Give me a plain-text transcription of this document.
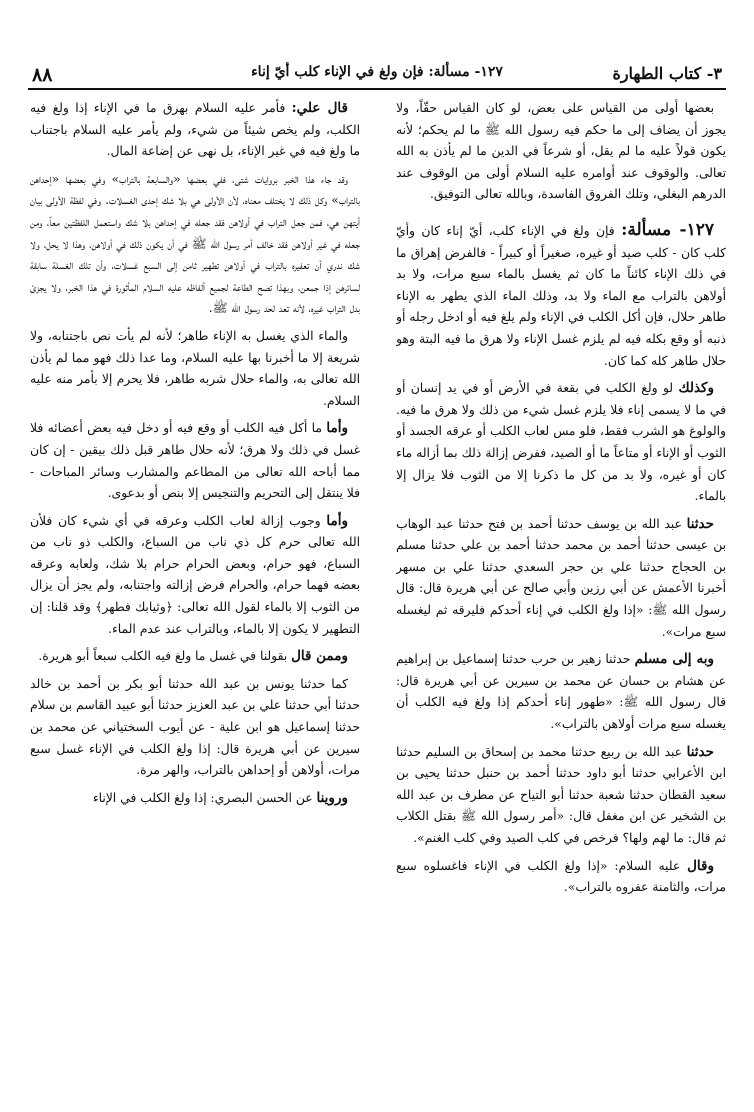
٣- كتاب الطهارة
١٢٧- مسألة: فإن ولغ في الإناء كلب أيّ إناء
٨٨

بعضها أولى من القياس على بعض، لو كان القياس حقّاً، ولا يجوز أن يضاف إلى ما حكم فيه رسول الله ﷺ ما لم يحكم؛ لأنه يكون قولاً عليه ما لم يقل، أو شرعاً في الدين ما لم يأذن به الله تعالى. والوقوف عند أوامره عليه السلام أولى من الوقوف عند الدرهم البغلي، وتلك الفروق الفاسدة، وبالله تعالى التوفيق.

١٢٧- مسألة: فإن ولغ في الإناء كلب، أيّ إناء كان وأيّ كلب كان - كلب صيد أو غيره، صغيراً أو كبيراً - فالفرض إهراق ما في ذلك الإناء كائناً ما كان ثم يغسل بالماء سبع مرات، ولا بد أولاهن بالتراب مع الماء ولا بد، وذلك الماء الذي يطهر به الإناء طاهر حلال، فإن أكل الكلب في الإناء ولم يلغ فيه أو ادخل رجله أو ذنبه أو وقع بكله فيه لم يلزم غسل الإناء ولا هرق ما فيه البتة وهو حلال طاهر كله كما كان.

وكذلك لو ولغ الكلب في بقعة في الأرض أو في يد إنسان أو في ما لا يسمى إناء فلا يلزم غسل شيء من ذلك ولا هرق ما فيه. والولوغ هو الشرب فقط، فلو مس لعاب الكلب أو عرقه الجسد أو الثوب أو الإناء أو متاعاً ما أو الصيد، ففرض إزالة ذلك بما أزاله ماء كان أو غيره، ولا بد من كل ما ذكرنا إلا من الثوب فلا يزال إلا بالماء.

حدثنا عبد الله بن يوسف حدثنا أحمد بن فتح حدثنا عبد الوهاب بن عيسى حدثنا أحمد بن محمد حدثنا أحمد بن علي حدثنا مسلم بن الحجاج حدثنا علي بن حجر السعدي حدثنا علي بن مسهر أخبرنا الأعمش عن أبي رزين وأبي صالح عن أبي هريرة قال: قال رسول الله ﷺ: «إذا ولغ الكلب في إناء أحدكم فليرقه ثم ليغسله سبع مرات».

وبه إلى مسلم حدثنا زهير بن حرب حدثنا إسماعيل بن إبراهيم عن هشام بن حسان عن محمد بن سيرين عن أبي هريرة قال: قال رسول الله ﷺ: «طهور إناء أحدكم إذا ولغ فيه الكلب أن يغسله سبع مرات أولاهن بالتراب».

حدثنا عبد الله بن ربيع حدثنا محمد بن إسحاق بن السليم حدثنا ابن الأعرابي حدثنا أبو داود حدثنا أحمد بن حنبل حدثنا يحيى بن سعيد القطان حدثنا شعبة حدثنا أبو التياح عن مطرف بن عبد الله بن الشخير عن ابن مغفل قال: «أمر رسول الله ﷺ بقتل الكلاب ثم قال: ما لهم ولها؟ فرخص في كلب الصيد وفي كلب الغنم».

وقال عليه السلام: «إذا ولغ الكلب في الإناء فاغسلوه سبع مرات، والثامنة عفروه بالتراب».

قال علي: فأمر عليه السلام بهرق ما في الإناء إذا ولغ فيه الكلب، ولم يخص شيئاً من شيء، ولم يأمر عليه السلام باجتناب ما ولغ فيه في غير الإناء، بل نهى عن إضاعة المال.

وقد جاء هذا الخبر بروايات شتى، ففي بعضها «والسابعة بالتراب» وفي بعضها «إحداهن بالتراب» وكل ذلك لا يختلف معناه، لأن الأولى هي بلا شك إحدى الغسلات. وفي لفظة الأولى بيان أيتهن هي، فمن جعل التراب في أولاهن فقد جعله في إحداهن بلا شك واستعمل اللفظتين معاً، ومن جعله في غير أولاهن فقد خالف أمر رسول الله ﷺ في أن يكون ذلك في أولاهن، وهذا لا يحل، ولا شك ندري أن تعفيره بالتراب في أولاهن تطهير ثامن إلى السبع غسلات، وأن تلك الغسلة سابقة لسائرهن إذا جمعن، وبهذا تصح الطاعة لجميع ألفاظه عليه السلام المأثورة في هذا الخبر، ولا يجزئ بدل التراب غيره، لأنه تعد لحد رسول الله ﷺ.

والماء الذي يغسل به الإناء طاهر؛ لأنه لم يأت نص باجتنابه، ولا شريعة إلا ما أخبرنا بها عليه السلام، وما عدا ذلك فهو مما لم يأذن الله تعالى به، والماء حلال شربه طاهر، فلا يحرم إلا بأمر منه عليه السلام.

وأما ما أكل فيه الكلب أو وقع فيه أو دخل فيه بعض أعضائه فلا غسل في ذلك ولا هرق؛ لأنه حلال طاهر قبل ذلك بيقين - إن كان مما أباحه الله تعالى من المطاعم والمشارب وسائر المباحات - فلا ينتقل إلى التحريم والتنجيس إلا بنص أو بدعوى.

وأما وجوب إزالة لعاب الكلب وعرقه في أي شيء كان فلأن الله تعالى حرم كل ذي ناب من السباع، والكلب ذو ناب من السباع، فهو حرام، وبعض الحرام حرام بلا شك، ولعابه وعرقه بعضه فهما حرام، والحرام فرض إزالته واجتنابه، ولم يجز أن يزال من الثوب إلا بالماء لقول الله تعالى: ﴿وثيابك فطهر﴾ وقد قلنا: إن التطهير لا يكون إلا بالماء، وبالتراب عند عدم الماء.

وممن قال بقولنا في غسل ما ولغ فيه الكلب سبعاً أبو هريرة.

كما حدثنا يونس بن عبد الله حدثنا أبو بكر بن أحمد بن خالد حدثنا أبي حدثنا علي بن عبد العزيز حدثنا أبو عبيد القاسم بن سلام حدثنا إسماعيل هو ابن علية - عن أيوب السختياني عن محمد بن سيرين عن أبي هريرة قال: إذا ولغ الكلب في الإناء غسل سبع مرات، أولاهن أو إحداهن بالتراب، والهر مرة.

وروينا عن الحسن البصري: إذا ولغ الكلب في الإناء
